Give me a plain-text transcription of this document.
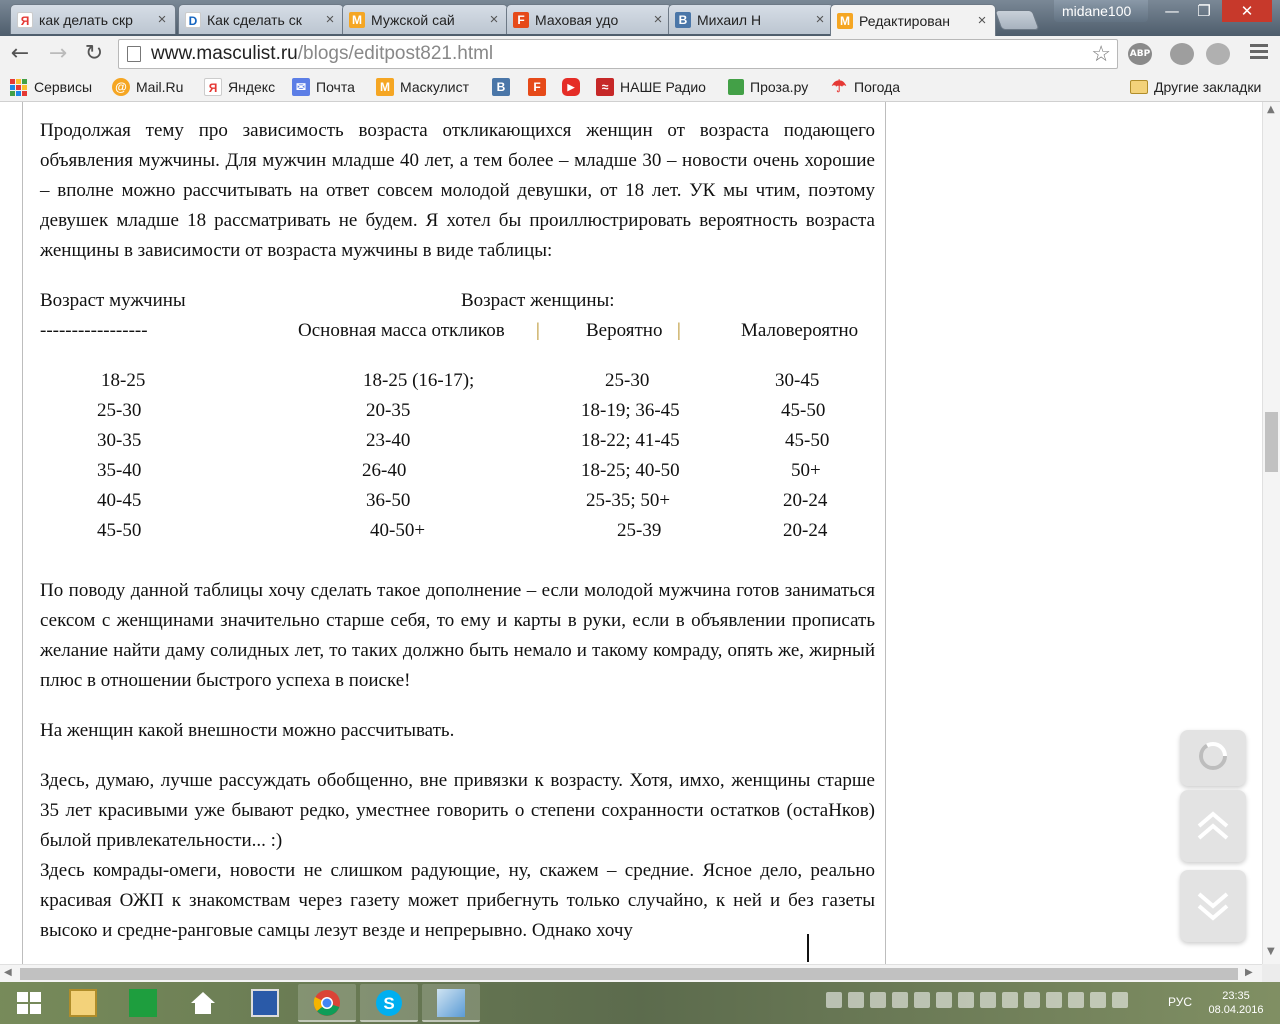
Я как делать скр	×	D Как сделать ск	× M Мужской сай	×	F Маховая удо	×	B Михаил Н	× M Редактирован	×
midane100	—	❐	✕
← → ↻	www.masculist.ru/blogs/editpost821.html	☆ ABP
Сервисы @ Mail.Ru	Я Яндекс	✉ Почта	M Маскулист	B	F	▶	≈ НАШЕ Радио	Проза.ру ☂ Погода	Другие закладки

Продолжая тему про зависимость возраста откликающихся женщин от возраста подающего объявления мужчины. Для мужчин младше 40 лет, а тем более – младше 30 – новости очень хорошие – вполне можно рассчитывать на ответ совсем молодой девушки, от 18 лет. УК мы чтим, поэтому девушек младше 18 рассматривать не будем. Я хотел бы проиллюстрировать вероятность возраста женщины в зависимости от возраста мужчины в виде таблицы:

Возраст мужчины	Возраст женщины:
-----------------	Основная масса откликов | Вероятно |	Маловероятно
18-25	18-25 (16-17);	25-30	30-45
25-30	20-35	18-19; 36-45	45-50
30-35	23-40	18-22; 41-45	45-50
35-40	26-40	18-25; 40-50	50+
40-45	36-50	25-35; 50+	20-24
45-50	40-50+	25-39	20-24

По поводу данной таблицы хочу сделать такое дополнение – если молодой мужчина готов заниматься сексом с женщинами значительно старше себя, то ему и карты в руки, если в объявлении прописать желание найти даму солидных лет, то таких должно быть немало и такому комраду, опять же, жирный плюс в отношении быстрого успеха в поиске!

На женщин какой внешности можно рассчитывать.

Здесь, думаю, лучше рассуждать обобщенно, вне привязки к возрасту. Хотя, имхо, женщины старше 35 лет красивыми уже бывают редко, уместнее говорить о степени сохранности остатков (остаНков) былой привлекательности... :)

Здесь комрады-омеги, новости не слишком радующие, ну, скажем – средние. Ясное дело, реально красивая ОЖП к знакомствам через газету может прибегнуть только случайно, к ней и без газеты высоко и средне-ранговые самцы лезут везде и непрерывно. Однако хочу

▲
▼
◀	▶
S	РУС	23:35
08.04.2016
